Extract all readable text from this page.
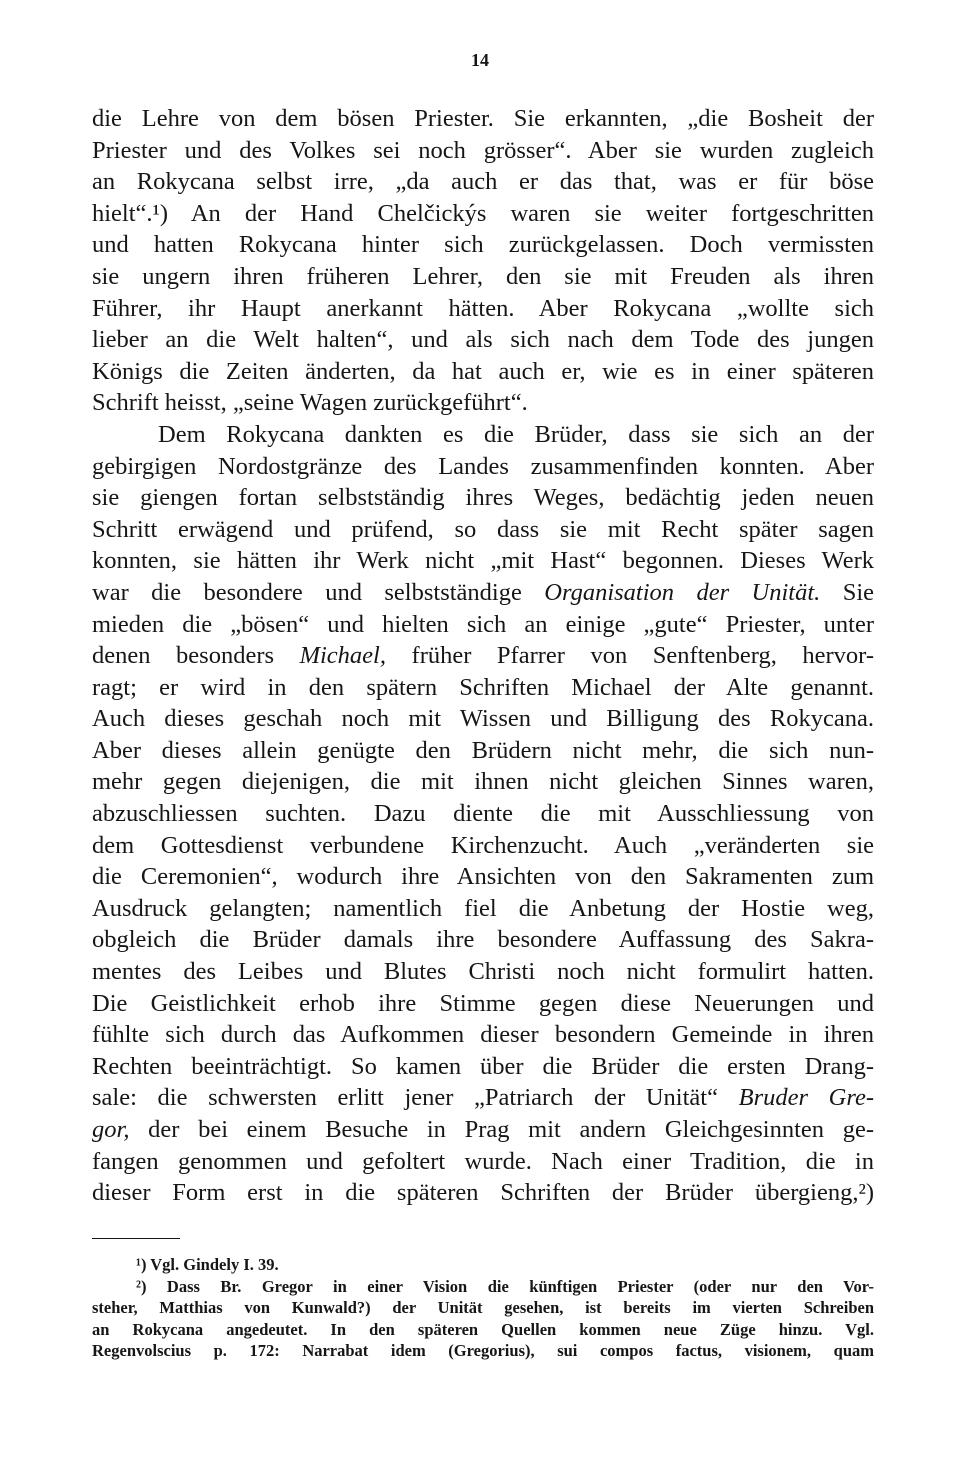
14
die Lehre von dem bösen Priester. Sie erkannten, „die Bosheit der
Priester und des Volkes sei noch grösser“. Aber sie wurden zugleich
an Rokycana selbst irre, „da auch er das that, was er für böse
hielt“.¹) An der Hand Chelčickýs waren sie weiter fortgeschritten
und hatten Rokycana hinter sich zurückgelassen. Doch vermissten
sie ungern ihren früheren Lehrer, den sie mit Freuden als ihren
Führer, ihr Haupt anerkannt hätten. Aber Rokycana „wollte sich
lieber an die Welt halten“, und als sich nach dem Tode des jungen
Königs die Zeiten änderten, da hat auch er, wie es in einer späteren
Schrift heisst, „seine Wagen zurückgeführt“.
Dem Rokycana dankten es die Brüder, dass sie sich an der
gebirgigen Nordostgränze des Landes zusammenfinden konnten. Aber
sie giengen fortan selbstständig ihres Weges, bedächtig jeden neuen
Schritt erwägend und prüfend, so dass sie mit Recht später sagen
konnten, sie hätten ihr Werk nicht „mit Hast“ begonnen. Dieses Werk
war die besondere und selbstständige Organisation der Unität. Sie
mieden die „bösen“ und hielten sich an einige „gute“ Priester, unter
denen besonders Michael, früher Pfarrer von Senftenberg, hervor-
ragt; er wird in den spätern Schriften Michael der Alte genannt.
Auch dieses geschah noch mit Wissen und Billigung des Rokycana.
Aber dieses allein genügte den Brüdern nicht mehr, die sich nun-
mehr gegen diejenigen, die mit ihnen nicht gleichen Sinnes waren,
abzuschliessen suchten. Dazu diente die mit Ausschliessung von
dem Gottesdienst verbundene Kirchenzucht. Auch „veränderten sie
die Ceremonien“, wodurch ihre Ansichten von den Sakramenten zum
Ausdruck gelangten; namentlich fiel die Anbetung der Hostie weg,
obgleich die Brüder damals ihre besondere Auffassung des Sakra-
mentes des Leibes und Blutes Christi noch nicht formulirt hatten.
Die Geistlichkeit erhob ihre Stimme gegen diese Neuerungen und
fühlte sich durch das Aufkommen dieser besondern Gemeinde in ihren
Rechten beeinträchtigt. So kamen über die Brüder die ersten Drang-
sale: die schwersten erlitt jener „Patriarch der Unität“ Bruder Gre-
gor, der bei einem Besuche in Prag mit andern Gleichgesinnten ge-
fangen genommen und gefoltert wurde. Nach einer Tradition, die in
dieser Form erst in die späteren Schriften der Brüder übergieng,²)
¹) Vgl. Gindely I. 39.
²) Dass Br. Gregor in einer Vision die künftigen Priester (oder nur den Vor-
steher, Matthias von Kunwald?) der Unität gesehen, ist bereits im vierten Schreiben
an Rokycana angedeutet. In den späteren Quellen kommen neue Züge hinzu. Vgl.
Regenvolscius p. 172: Narrabat idem (Gregorius), sui compos factus, visionem, quam
